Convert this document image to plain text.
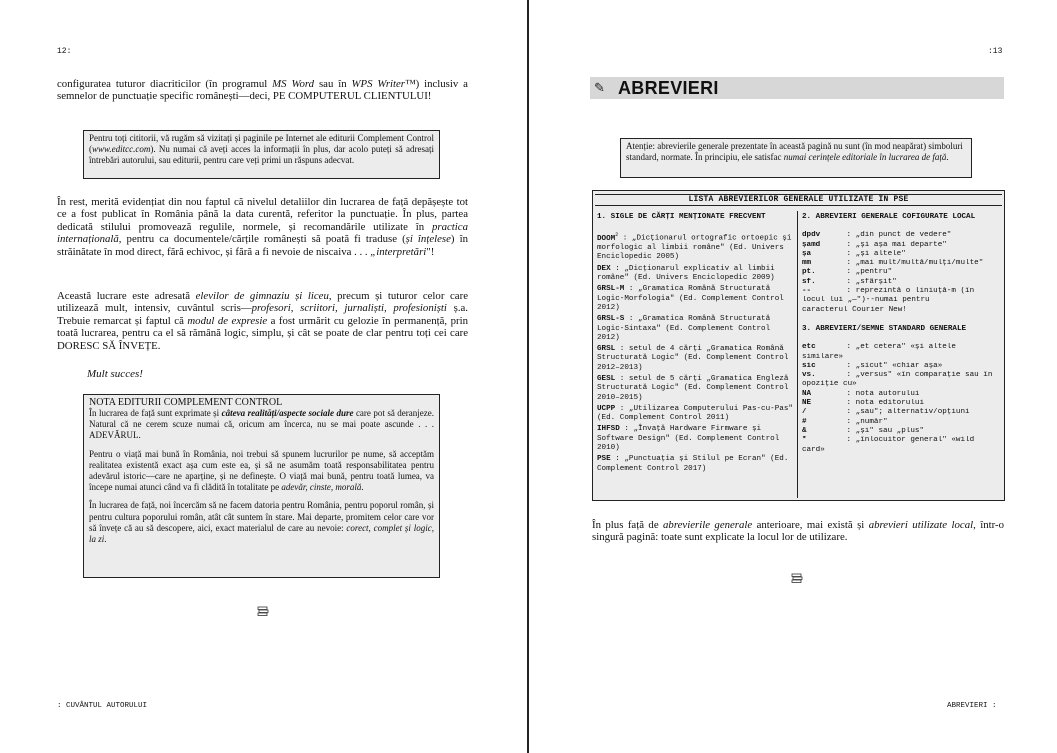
12:
configuratea tuturor diacriticilor (în programul MS Word sau în WPS Writer™) inclusiv a semnelor de punctuație specific românești—deci, PE COMPUTERUL CLIENTULUI!
Pentru toți cititorii, vă rugăm să vizitați și paginile pe Internet ale editurii Complement Control (www.editcc.com). Nu numai că aveți acces la informații în plus, dar acolo puteți să adresați întrebări autorului, sau editurii, pentru care veți primi un răspuns adecvat.
În rest, merită evidențiat din nou faptul că nivelul detaliilor din lucrarea de față depășește tot ce a fost publicat în România până la data curentă, referitor la punctuație. În plus, partea dedicată stilului promovează regulile, normele, și recomandările utilizate în practica internațională, pentru ca documentele/cărțile românești să poată fi traduse (și înțelese) în străinătate în mod direct, fără echivoc, și fără a fi nevoie de niscaiva . . . „interpretări"!
Această lucrare este adresată elevilor de gimnaziu și liceu, precum și tuturor celor care utilizează mult, intensiv, cuvântul scris—profesori, scriitori, jurnaliști, profesioniști ș.a. Trebuie remarcat și faptul că modul de expresie a fost urmărit cu gelozie în permanență, prin toată lucrarea, pentru ca el să rămână logic, simplu, și cât se poate de clar pentru toți cei care DORESC SĂ ÎNVEȚE.
Mult succes!
NOTA EDITURII COMPLEMENT CONTROL

În lucrarea de față sunt exprimate și câteva realități/aspecte sociale dure care pot să deranjeze. Natural că ne cerem scuze numai că, oricum am încerca, nu se mai poate ascunde . . . ADEVĂRUL.

Pentru o viață mai bună în România, noi trebui să spunem lucrurilor pe nume, să acceptăm realitatea existentă exact așa cum este ea, și să ne asumăm toată responsabilitatea pentru adevărul istoric—care ne aparține, și ne definește. O viață mai bună, pentru toată lumea, va începe numai atunci când va fi clădită în totalitate pe adevăr, cinste, morală.

În lucrarea de față, noi încercăm să ne facem datoria pentru România, pentru poporul român, și pentru cultura poporului român, atât cât suntem în stare. Mai departe, promitem celor care vor să învețe că au să descopere, aici, exact materialul de care au nevoie: corect, complet și logic, la zi.

: CUVÂNTUL AUTORULUI
:13
✎ ABREVIERI
Atenție: abrevierile generale prezentate în această pagină nu sunt (în mod neapărat) simboluri standard, normate. În principiu, ele satisfac numai cerințele editoriale în lucrarea de față.
LISTA ABREVIERILOR GENERALE UTILIZATE ÎN PSE
1. SIGLE DE CĂRȚI MENȚIONATE FRECVENT
DOOM$^2$ : „Dicționarul ortografic ortoepic și morfologic al limbii române" (Ed. Univers Enciclopedic 2005)
DEX : „Dicționarul explicativ al limbii române" (Ed. Univers Enciclopedic 2009)
GRSL-M : „Gramatica Română Structurată Logic-Morfologia" (Ed. Complement Control 2012)
GRSL-S : „Gramatica Română Structurată Logic-Sintaxa" (Ed. Complement Control 2012)
GRSL : setul de 4 cărți „Gramatica Română Structurată Logic" (Ed. Complement Control 2012–2013)
GESL : setul de 5 cărți „Gramatica Engleză Structurată Logic" (Ed. Complement Control 2010–2015)
UCPP : „Utilizarea Computerului Pas-cu-Pas" (Ed. Complement Control 2011)
IHFSD : „Învață Hardware Firmware și Software Design" (Ed. Complement Control 2010)
PSE : „Punctuația și Stilul pe Ecran" (Ed. Complement Control 2017)
2. ABREVIERI GENERALE COFIGURATE LOCAL
dpdv	: „din punct de vedere"
șamd	: „și așa mai departe"
șa	: „și altele"
mm	: „mai mult/multă/mulți/multe"
pt.	: „pentru"
sf.	: „sfârșit"
--	: reprezintă o liniuță-m (în
locul lui „—")--numai pentru
caracterul Courier New!
3. ABREVIERI/SEMNE STANDARD GENERALE
etc	: „et cetera" «și altele
similare»
sic	: „sicut" «chiar așa»
vs.	: „versus" «în comparație sau în
opoziție cu»
NA	: nota autorului
NE	: nota editorului
/	: „sau"; alternativ/opțiuni
#	: „număr"
&	: „și" sau „plus"
*	: „înlocuitor general" «wild
card»
În plus față de abrevierile generale anterioare, mai există și abrevieri utilizate local, într-o singură pagină: toate sunt explicate la locul lor de utilizare.
ABREVIERI :
